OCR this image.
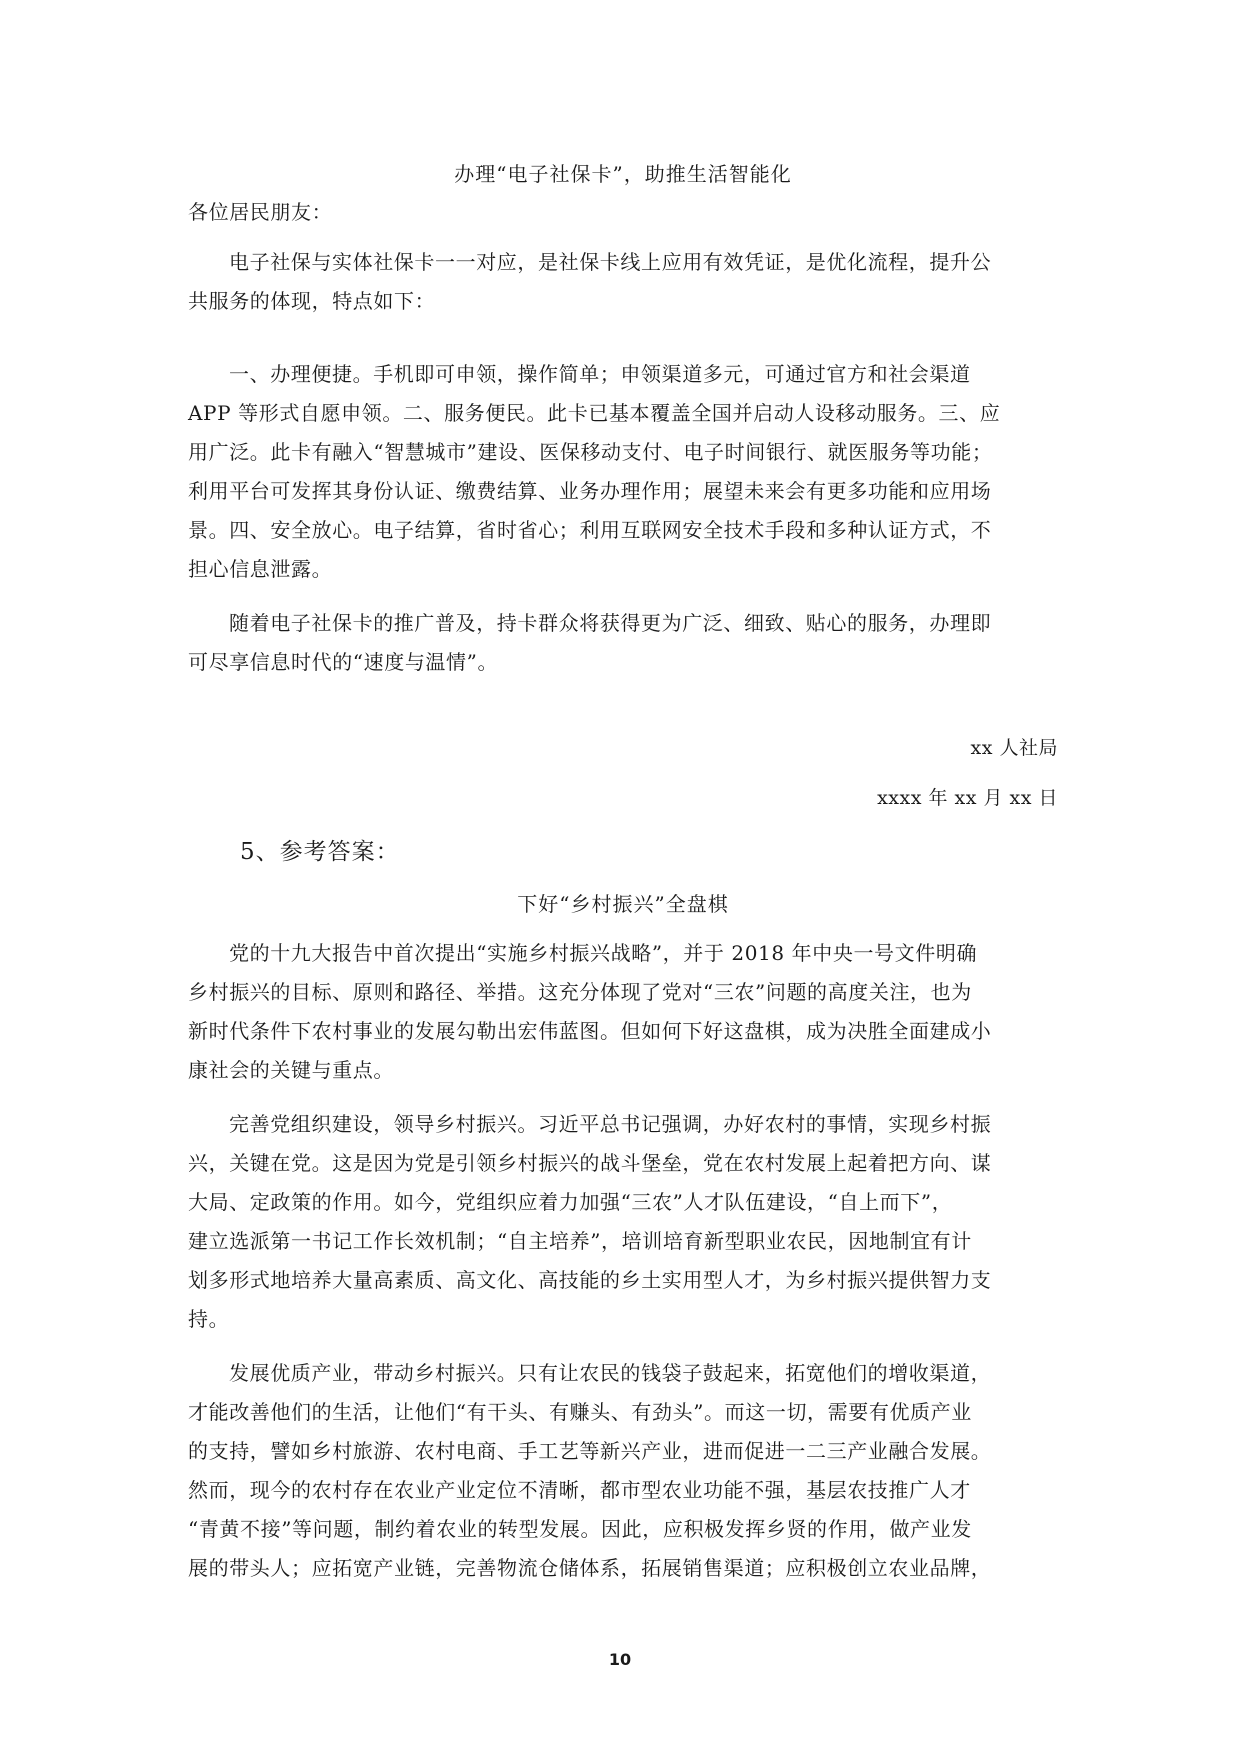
办理“电子社保卡”，助推生活智能化
各位居民朋友：
电子社保与实体社保卡一一对应，是社保卡线上应用有效凭证，是优化流程，提升公
共服务的体现，特点如下：
一、办理便捷。手机即可申领，操作简单；申领渠道多元，可通过官方和社会渠道
APP 等形式自愿申领。二、服务便民。此卡已基本覆盖全国并启动人设移动服务。三、应
用广泛。此卡有融入“智慧城市”建设、医保移动支付、电子时间银行、就医服务等功能；
利用平台可发挥其身份认证、缴费结算、业务办理作用；展望未来会有更多功能和应用场
景。四、安全放心。电子结算，省时省心；利用互联网安全技术手段和多种认证方式，不
担心信息泄露。
随着电子社保卡的推广普及，持卡群众将获得更为广泛、细致、贴心的服务，办理即
可尽享信息时代的“速度与温情”。
xx 人社局
xxxx 年 xx 月 xx 日
5、参考答案：
下好“乡村振兴”全盘棋
党的十九大报告中首次提出“实施乡村振兴战略”，并于 2018 年中央一号文件明确
乡村振兴的目标、原则和路径、举措。这充分体现了党对“三农”问题的高度关注，也为
新时代条件下农村事业的发展勾勒出宏伟蓝图。但如何下好这盘棋，成为决胜全面建成小
康社会的关键与重点。
完善党组织建设，领导乡村振兴。习近平总书记强调，办好农村的事情，实现乡村振
兴，关键在党。这是因为党是引领乡村振兴的战斗堡垒，党在农村发展上起着把方向、谋
大局、定政策的作用。如今，党组织应着力加强“三农”人才队伍建设，“自上而下”，
建立选派第一书记工作长效机制；“自主培养”，培训培育新型职业农民，因地制宜有计
划多形式地培养大量高素质、高文化、高技能的乡土实用型人才，为乡村振兴提供智力支
持。
发展优质产业，带动乡村振兴。只有让农民的钱袋子鼓起来，拓宽他们的增收渠道，
才能改善他们的生活，让他们“有干头、有赚头、有劲头”。而这一切，需要有优质产业
的支持，譬如乡村旅游、农村电商、手工艺等新兴产业，进而促进一二三产业融合发展。
然而，现今的农村存在农业产业定位不清晰，都市型农业功能不强，基层农技推广人才
“青黄不接”等问题，制约着农业的转型发展。因此，应积极发挥乡贤的作用，做产业发
展的带头人；应拓宽产业链，完善物流仓储体系，拓展销售渠道；应积极创立农业品牌，
10
